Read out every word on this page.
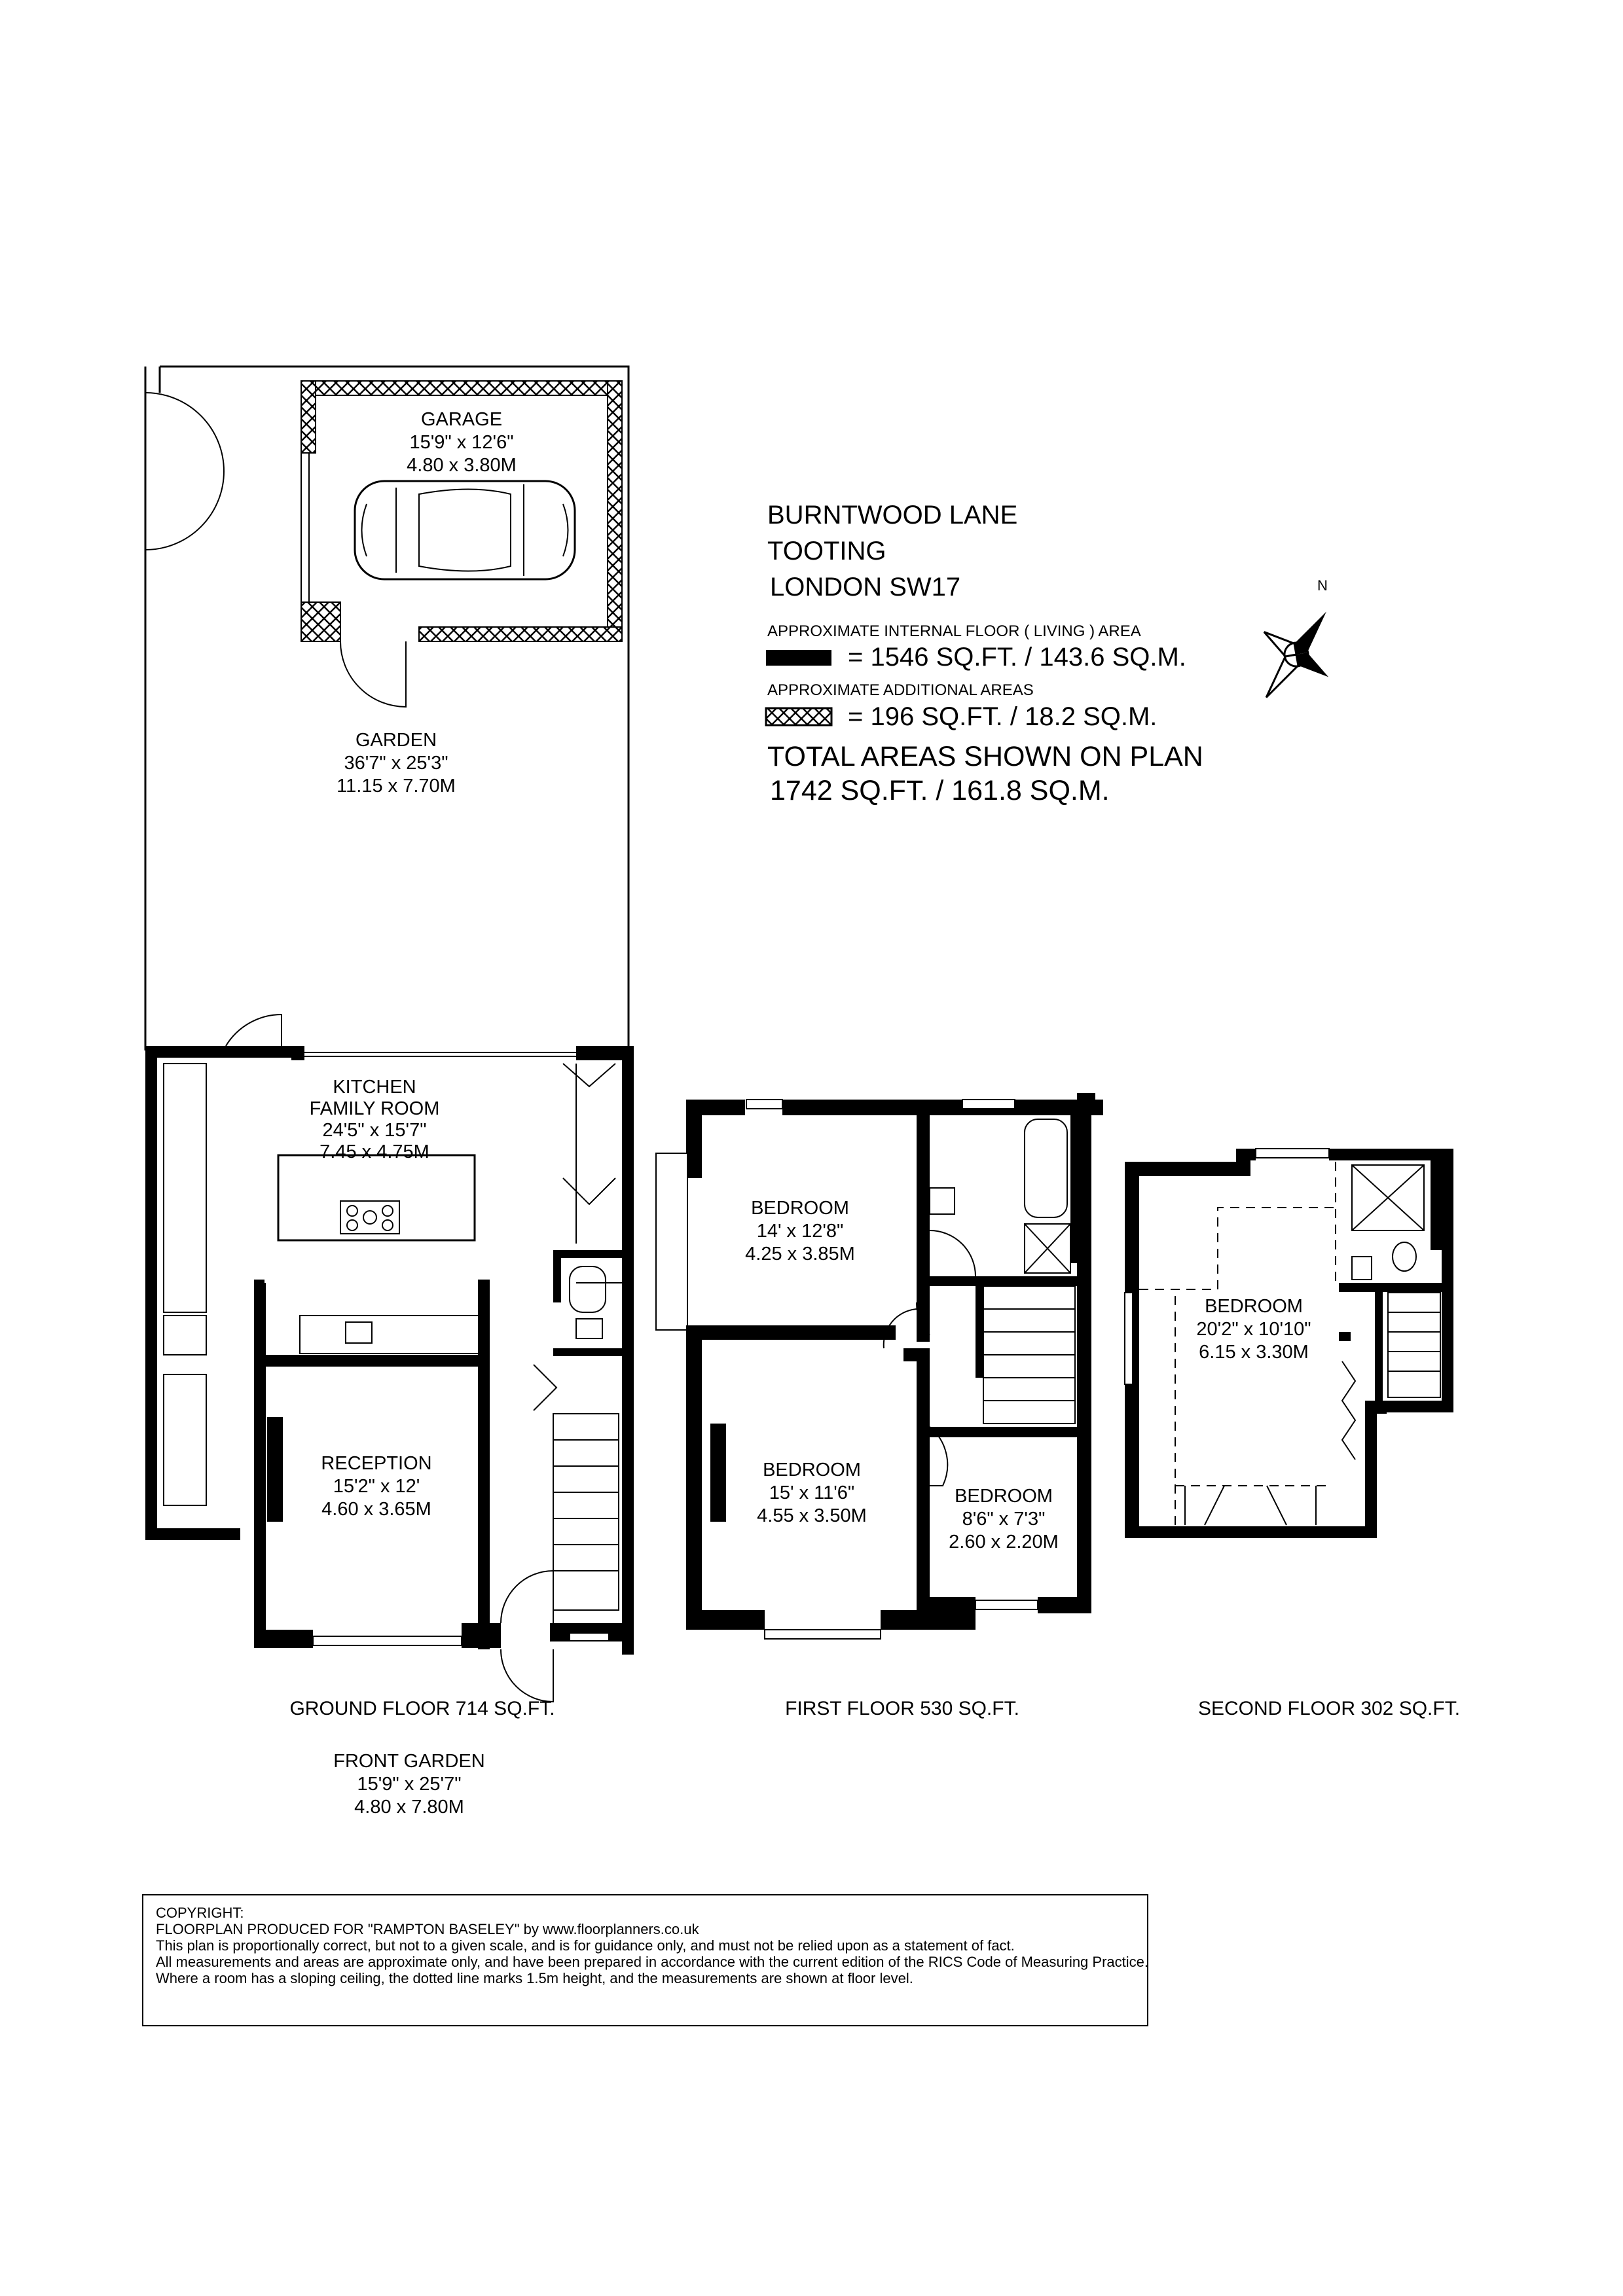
N
BURNTWOOD LANE
TOOTING
LONDON SW17
APPROXIMATE INTERNAL FLOOR ( LIVING ) AREA
= 1546 SQ.FT. / 143.6 SQ.M.
APPROXIMATE ADDITIONAL AREAS
= 196 SQ.FT. / 18.2 SQ.M.
TOTAL AREAS SHOWN ON PLAN
1742 SQ.FT. / 161.8 SQ.M.
GARAGE
15'9" x 12'6"
4.80 x 3.80M
GARDEN
36'7" x 25'3"
11.15 x 7.70M
KITCHEN
FAMILY ROOM
24'5" x 15'7"
7.45 x 4.75M
RECEPTION
15'2" x 12'
4.60 x 3.65M
BEDROOM
14' x 12'8"
4.25 x 3.85M
BEDROOM
15' x 11'6"
4.55 x 3.50M
BEDROOM
8'6" x 7'3"
2.60 x 2.20M
BEDROOM
20'2" x 10'10"
6.15 x 3.30M
GROUND FLOOR 714 SQ.FT.	FIRST FLOOR 530 SQ.FT.	SECOND FLOOR 302 SQ.FT.
FRONT GARDEN
15'9" x 25'7"
4.80 x 7.80M
COPYRIGHT:
FLOORPLAN PRODUCED FOR "RAMPTON BASELEY" by www.floorplanners.co.uk
This plan is proportionally correct, but not to a given scale, and is for guidance only, and must not be relied upon as a statement of fact.
All measurements and areas are approximate only, and have been prepared in accordance with the current edition of the RICS Code of Measuring Practice.
Where a room has a sloping ceiling, the dotted line marks 1.5m height, and the measurements are shown at floor level.
